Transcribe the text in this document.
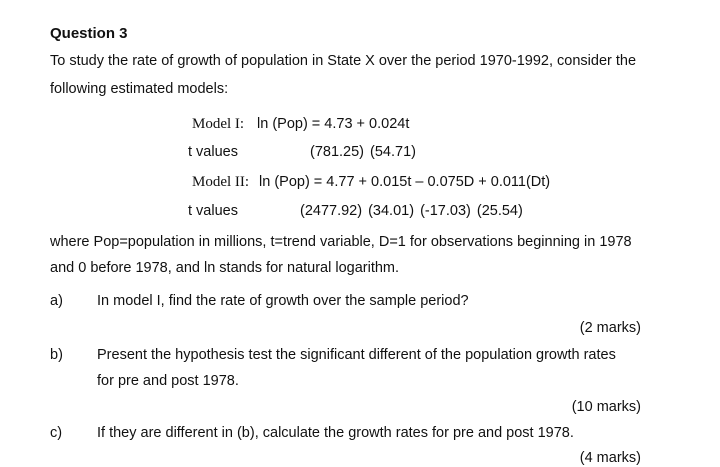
Question 3
To study the rate of growth of population in State X over the period 1970-1992, consider the
following estimated models:
Model I: ln (Pop) = 4.73 + 0.024t
t values	(781.25) (54.71)
Model II: ln (Pop) = 4.77 + 0.015t – 0.075D + 0.011(Dt)
t values	(2477.92) (34.01) (-17.03) (25.54)
where Pop=population in millions, t=trend variable, D=1 for observations beginning in 1978
and 0 before 1978, and ln stands for natural logarithm.
a) In model I, find the rate of growth over the sample period?
(2 marks)
b) Present the hypothesis test the significant different of the population growth rates
for pre and post 1978.
(10 marks)
c) If they are different in (b), calculate the growth rates for pre and post 1978.
(4 marks)
